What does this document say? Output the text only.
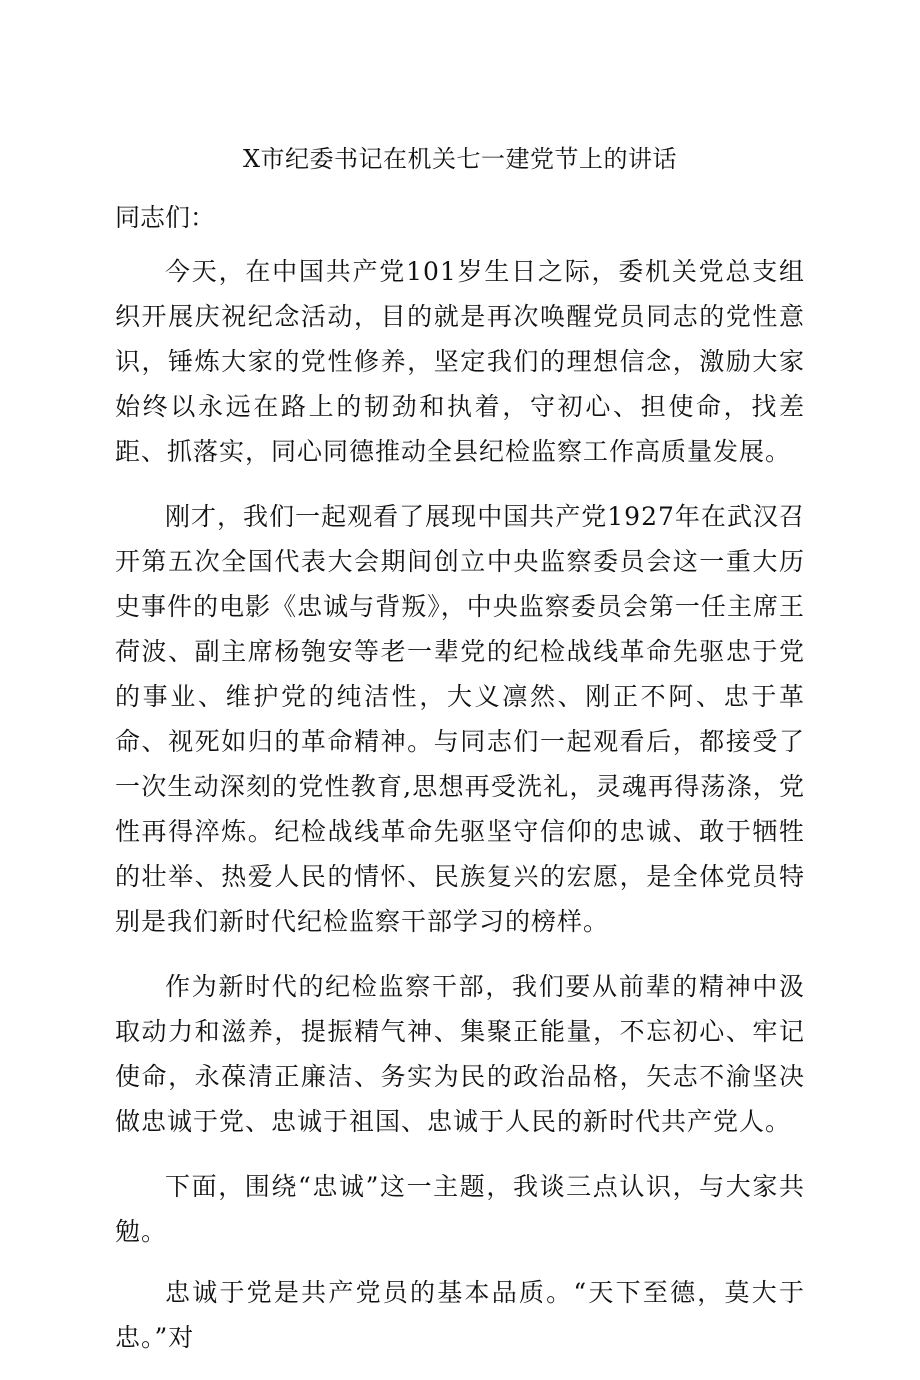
X市纪委书记在机关七一建党节上的讲话
同志们：

今天，在中国共产党101岁生日之际，委机关党总支组织开展庆祝纪念活动，目的就是再次唤醒党员同志的党性意识，锤炼大家的党性修养，坚定我们的理想信念，激励大家始终以永远在路上的韧劲和执着，守初心、担使命，找差距、抓落实，同心同德推动全县纪检监察工作高质量发展。

刚才，我们一起观看了展现中国共产党1927年在武汉召开第五次全国代表大会期间创立中央监察委员会这一重大历史事件的电影《忠诚与背叛》，中央监察委员会第一任主席王荷波、副主席杨匏安等老一辈党的纪检战线革命先驱忠于党的事业、维护党的纯洁性，大义凛然、刚正不阿、忠于革命、视死如归的革命精神。与同志们一起观看后，都接受了一次生动深刻的党性教育,思想再受洗礼，灵魂再得荡涤，党性再得淬炼。纪检战线革命先驱坚守信仰的忠诚、敢于牺牲的壮举、热爱人民的情怀、民族复兴的宏愿，是全体党员特别是我们新时代纪检监察干部学习的榜样。

作为新时代的纪检监察干部，我们要从前辈的精神中汲取动力和滋养，提振精气神、集聚正能量，不忘初心、牢记使命，永葆清正廉洁、务实为民的政治品格，矢志不渝坚决做忠诚于党、忠诚于祖国、忠诚于人民的新时代共产党人。

下面，围绕“忠诚”这一主题，我谈三点认识，与大家共勉。

忠诚于党是共产党员的基本品质。“天下至德，莫大于忠。”对
